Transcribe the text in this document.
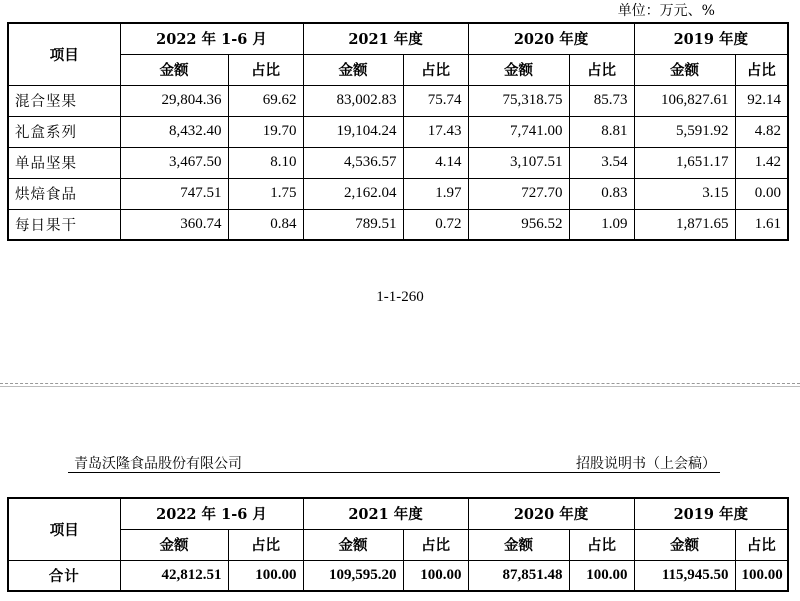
单位：万元、%
项目	2022 年 1-6 月		2021 年度		2020 年度		2019 年度	
	金额	占比	金额	占比	金额	占比	金额	占比
混合坚果	29,804.36	69.62	83,002.83	75.74	75,318.75	85.73	106,827.61	92.14
礼盒系列	8,432.40	19.70	19,104.24	17.43	7,741.00	8.81	5,591.92	4.82
单品坚果	3,467.50	8.10	4,536.57	4.14	3,107.51	3.54	1,651.17	1.42
烘焙食品	747.51	1.75	2,162.04	1.97	727.70	0.83	3.15	0.00
每日果干	360.74	0.84	789.51	0.72	956.52	1.09	1,871.65	1.61
1-1-260
青岛沃隆食品股份有限公司	招股说明书（上会稿）
项目	2022 年 1-6 月		2021 年度		2020 年度		2019 年度	
	金额	占比	金额	占比	金额	占比	金额	占比
合计	42,812.51	100.00	109,595.20	100.00	87,851.48	100.00	115,945.50	100.00
